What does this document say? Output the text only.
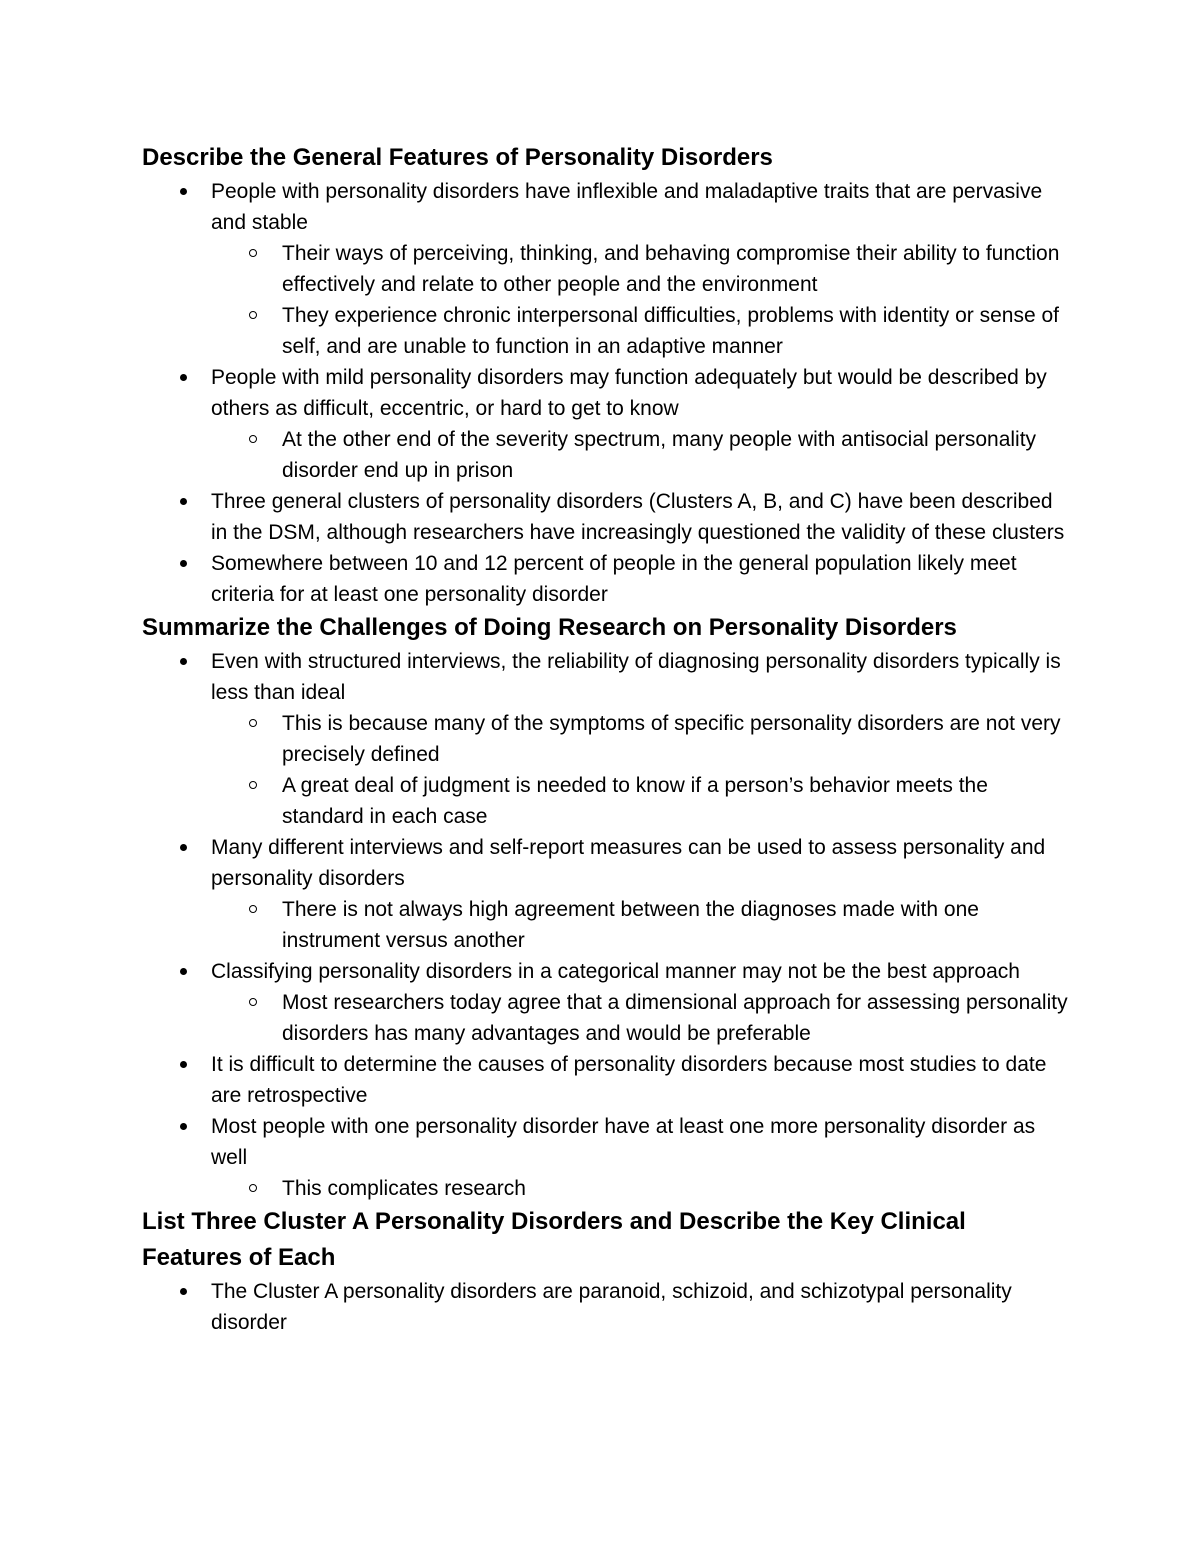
Describe the General Features of Personality Disorders
People with personality disorders have inflexible and maladaptive traits that are pervasive and stable
Their ways of perceiving, thinking, and behaving compromise their ability to function effectively and relate to other people and the environment
They experience chronic interpersonal difficulties, problems with identity or sense of self, and are unable to function in an adaptive manner
People with mild personality disorders may function adequately but would be described by others as difficult, eccentric, or hard to get to know
At the other end of the severity spectrum, many people with antisocial personality disorder end up in prison
Three general clusters of personality disorders (Clusters A, B, and C) have been described in the DSM, although researchers have increasingly questioned the validity of these clusters
Somewhere between 10 and 12 percent of people in the general population likely meet criteria for at least one personality disorder
Summarize the Challenges of Doing Research on Personality Disorders
Even with structured interviews, the reliability of diagnosing personality disorders typically is less than ideal
This is because many of the symptoms of specific personality disorders are not very precisely defined
A great deal of judgment is needed to know if a person’s behavior meets the standard in each case
Many different interviews and self-report measures can be used to assess personality and personality disorders
There is not always high agreement between the diagnoses made with one instrument versus another
Classifying personality disorders in a categorical manner may not be the best approach
Most researchers today agree that a dimensional approach for assessing personality disorders has many advantages and would be preferable
It is difficult to determine the causes of personality disorders because most studies to date are retrospective
Most people with one personality disorder have at least one more personality disorder as well
This complicates research
List Three Cluster A Personality Disorders and Describe the Key Clinical Features of Each
The Cluster A personality disorders are paranoid, schizoid, and schizotypal personality disorder
